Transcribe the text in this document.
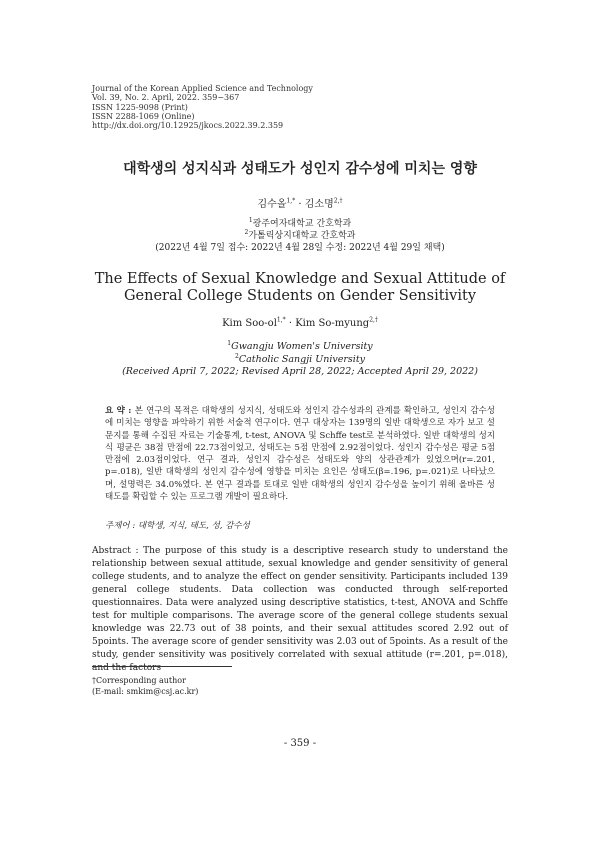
Journal of the Korean Applied Science and Technology
Vol. 39, No. 2. April, 2022. 359~367
ISSN 1225-9098 (Print)
ISSN 2288-1069 (Online)
http://dx.doi.org/10.12925/jkocs.2022.39.2.359
대학생의 성지식과 성태도가 성인지 감수성에 미치는 영향
김수올$^{1,*}$ · 김소명$^{2,\dagger}$
$^1$광주여자대학교 간호학과
$^2$가톨릭상지대학교 간호학과
(2022년 4월 7일 접수: 2022년 4월 28일 수정: 2022년 4월 29일 채택)
The Effects of Sexual Knowledge and Sexual Attitude of
General College Students on Gender Sensitivity
Kim Soo-$ol^{1,*}$ · Kim So-myung$^{2,\dagger}$
$^1$Gwangju Women's University
$^2$Catholic Sangji University
(Received April 7, 2022; Revised April 28, 2022; Accepted April 29, 2022)
요 약 : 본 연구의 목적은 대학생의 성지식, 성태도와 성인지 감수성과의 관계를 확인하고, 성인지 감수성에 미치는 영향을 파악하기 위한 서술적 연구이다. 연구 대상자는 139명의 일반 대학생으로 자가 보고 설문지를 통해 수집된 자료는 기술통계, t-test, ANOVA 및 Schffe test로 분석하였다. 일반 대학생의 성지식 평균은 38점 만점에 22.73점이었고, 성태도는 5점 만점에 2.92점이었다. 성인지 감수성은 평균 5점 만점에 2.03점이었다. 연구 결과, 성인지 감수성은 성태도와 양의 상관관계가 있었으며(r=.201, p=.018), 일반 대학생의 성인지 감수성에 영향을 미치는 요인은 성태도(β=.196, p=.021)로 나타났으며, 설명력은 34.0%였다. 본 연구 결과를 토대로 일반 대학생의 성인지 감수성을 높이기 위해 올바른 성태도를 확립할 수 있는 프로그램 개발이 필요하다.
주제어 : 대학생, 지식, 태도, 성, 감수성
Abstract : The purpose of this study is a descriptive research study to understand the relationship between sexual attitude, sexual knowledge and gender sensitivity of general college students, and to analyze the effect on gender sensitivity. Participants included 139 general college students. Data collection was conducted through self-reported questionnaires. Data were analyzed using descriptive statistics, t-test, ANOVA and Schffe test for multiple comparisons. The average score of the general college students sexual knowledge was 22.73 out of 38 points, and their sexual attitudes scored 2.92 out of 5points. The average score of gender sensitivity was 2.03 out of 5points. As a result of the study, gender sensitivity was positively correlated with sexual attitude (r=.201, p=.018), and the factors
†Corresponding author
(E-mail: smkim@csj.ac.kr)
- 359 -
